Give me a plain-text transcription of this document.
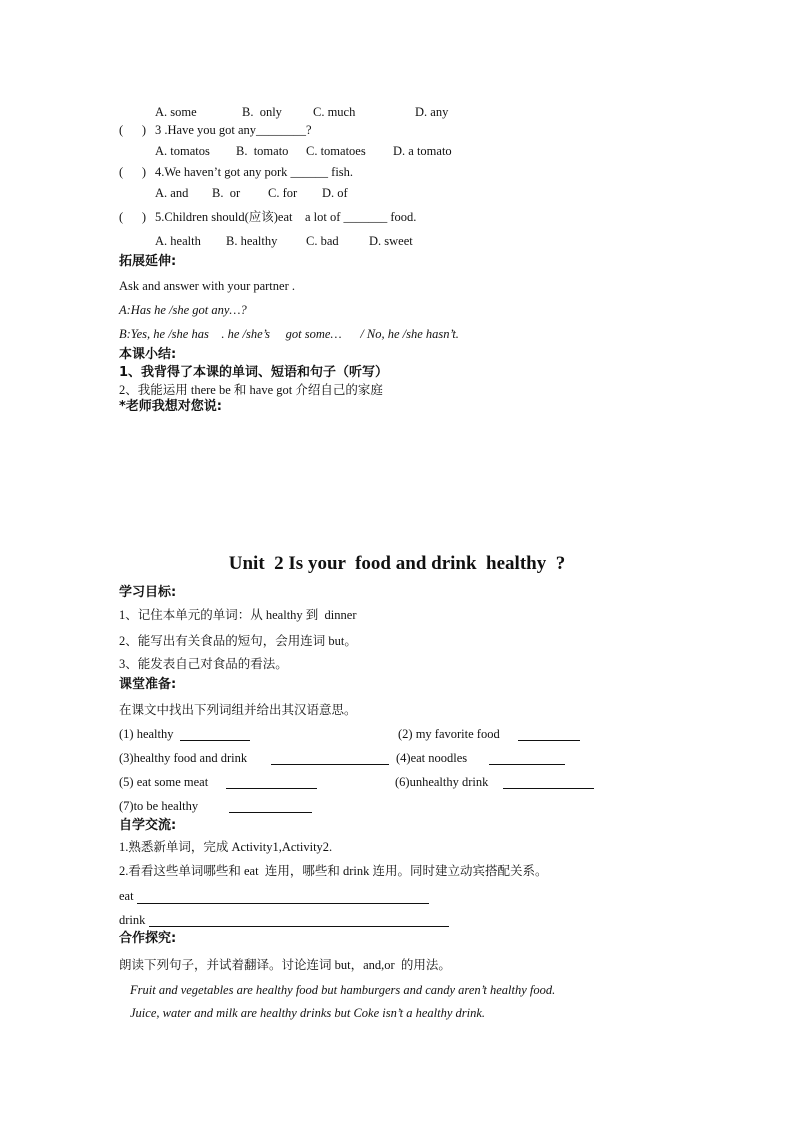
A. some	B.  only C. much	D. any
(      ) 3 .Have you got any________?
A. tomatos B.  tomato C. tomatoes D. a tomato
(      ) 4.We haven’t got any pork ______ fish.
A. and B.  or C. for D. of
(      ) 5.Children should(应该)eat    a lot of _______ food.
A. health B. healthy C. bad D. sweet
拓展延伸:
Ask and answer with your partner .
A:Has he /she got any…?
B:Yes, he /she has    . he /she’s     got some…      / No, he /she hasn’t.
本课小结:
1、我背得了本课的单词、短语和句子（听写）
2、我能运用 there be 和 have got 介绍自己的家庭
*老师我想对您说:
Unit  2 Is your  food and drink  healthy  ?
学习目标:
1、记住本单元的单词：从 healthy 到  dinner
2、能写出有关食品的短句，会用连词 but。
3、能发表自己对食品的看法。
课堂准备:
在课文中找出下列词组并给出其汉语意思。
(1) healthy	(2) my favorite food
(3)healthy food and drink	(4)eat noodles
(5) eat some meat	(6)unhealthy drink
(7)to be healthy
自学交流:
1.熟悉新单词，完成 Activity1,Activity2.
2.看看这些单词哪些和 eat  连用，哪些和 drink 连用。同时建立动宾搭配关系。
eat
drink
合作探究:
朗读下列句子，并试着翻译。讨论连词 but，and,or  的用法。
Fruit and vegetables are healthy food but hamburgers and candy aren’t healthy food.
Juice, water and milk are healthy drinks but Coke isn’t a healthy drink.
